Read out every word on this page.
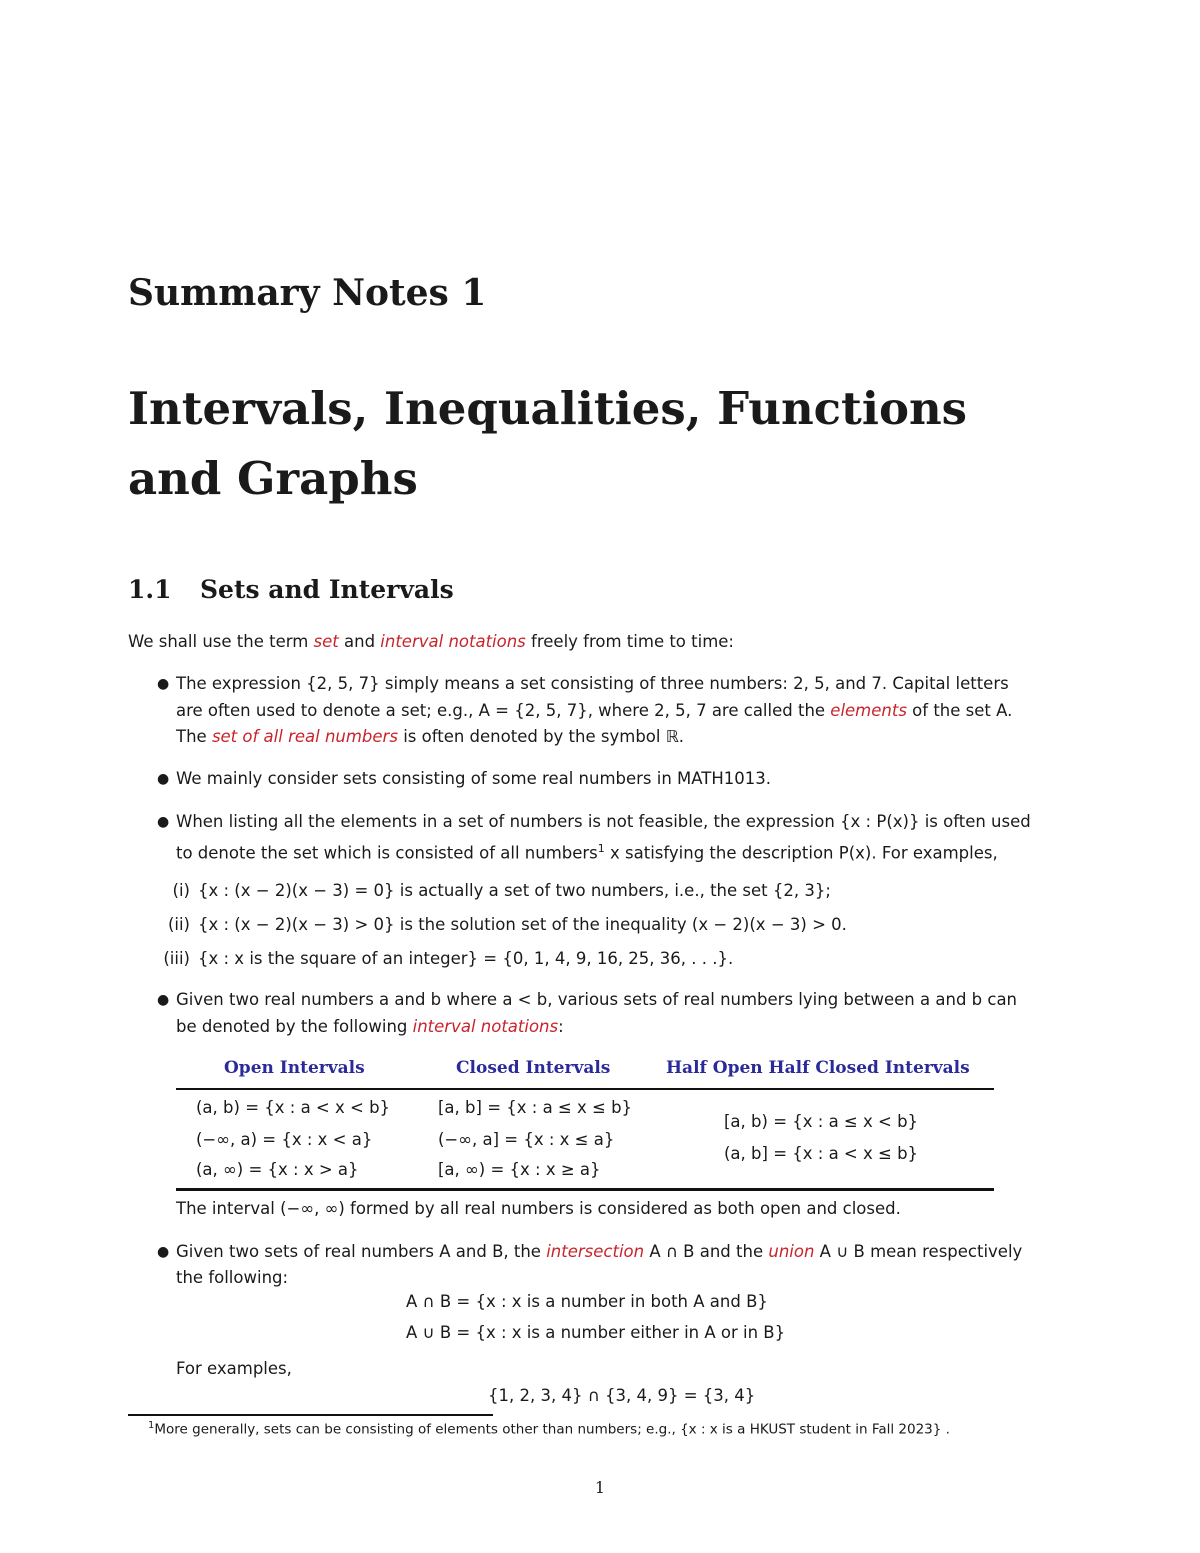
Summary Notes 1
Intervals, Inequalities, Functions and Graphs
1.1 Sets and Intervals
We shall use the term set and interval notations freely from time to time:
● The expression {2, 5, 7} simply means a set consisting of three numbers: 2, 5, and 7. Capital letters
are often used to denote a set; e.g., A = {2, 5, 7}, where 2, 5, 7 are called the elements of the set A.
The set of all real numbers is often denoted by the symbol ℝ.
● We mainly consider sets consisting of some real numbers in MATH1013.
● When listing all the elements in a set of numbers is not feasible, the expression {x : P(x)} is often used
to denote the set which is consisted of all numbers$^1$ x satisfying the description P(x). For examples,
(i) {x : (x − 2)(x − 3) = 0} is actually a set of two numbers, i.e., the set {2, 3};
(ii) {x : (x − 2)(x − 3) > 0} is the solution set of the inequality (x − 2)(x − 3) > 0.
(iii) {x : x is the square of an integer} = {0, 1, 4, 9, 16, 25, 36, . . .}.
● Given two real numbers a and b where a < b, various sets of real numbers lying between a and b can
be denoted by the following interval notations:
Open Intervals	Closed Intervals	Half Open Half Closed Intervals
(a, b) = {x : a < x < b}
(−∞, a) = {x : x < a}
(a, ∞) = {x : x > a}
[a, b] = {x : a ≤ x ≤ b}
(−∞, a] = {x : x ≤ a}
[a, ∞) = {x : x ≥ a}
[a, b) = {x : a ≤ x < b}
(a, b] = {x : a < x ≤ b}
The interval (−∞, ∞) formed by all real numbers is considered as both open and closed.
● Given two sets of real numbers A and B, the intersection A ∩ B and the union A ∪ B mean respectively
the following:
A ∩ B = {x : x is a number in both A and B}
A ∪ B = {x : x is a number either in A or in B}
For examples,
{1, 2, 3, 4} ∩ {3, 4, 9} = {3, 4}
$^1$More generally, sets can be consisting of elements other than numbers; e.g., {x : x is a HKUST student in Fall 2023} .
1
